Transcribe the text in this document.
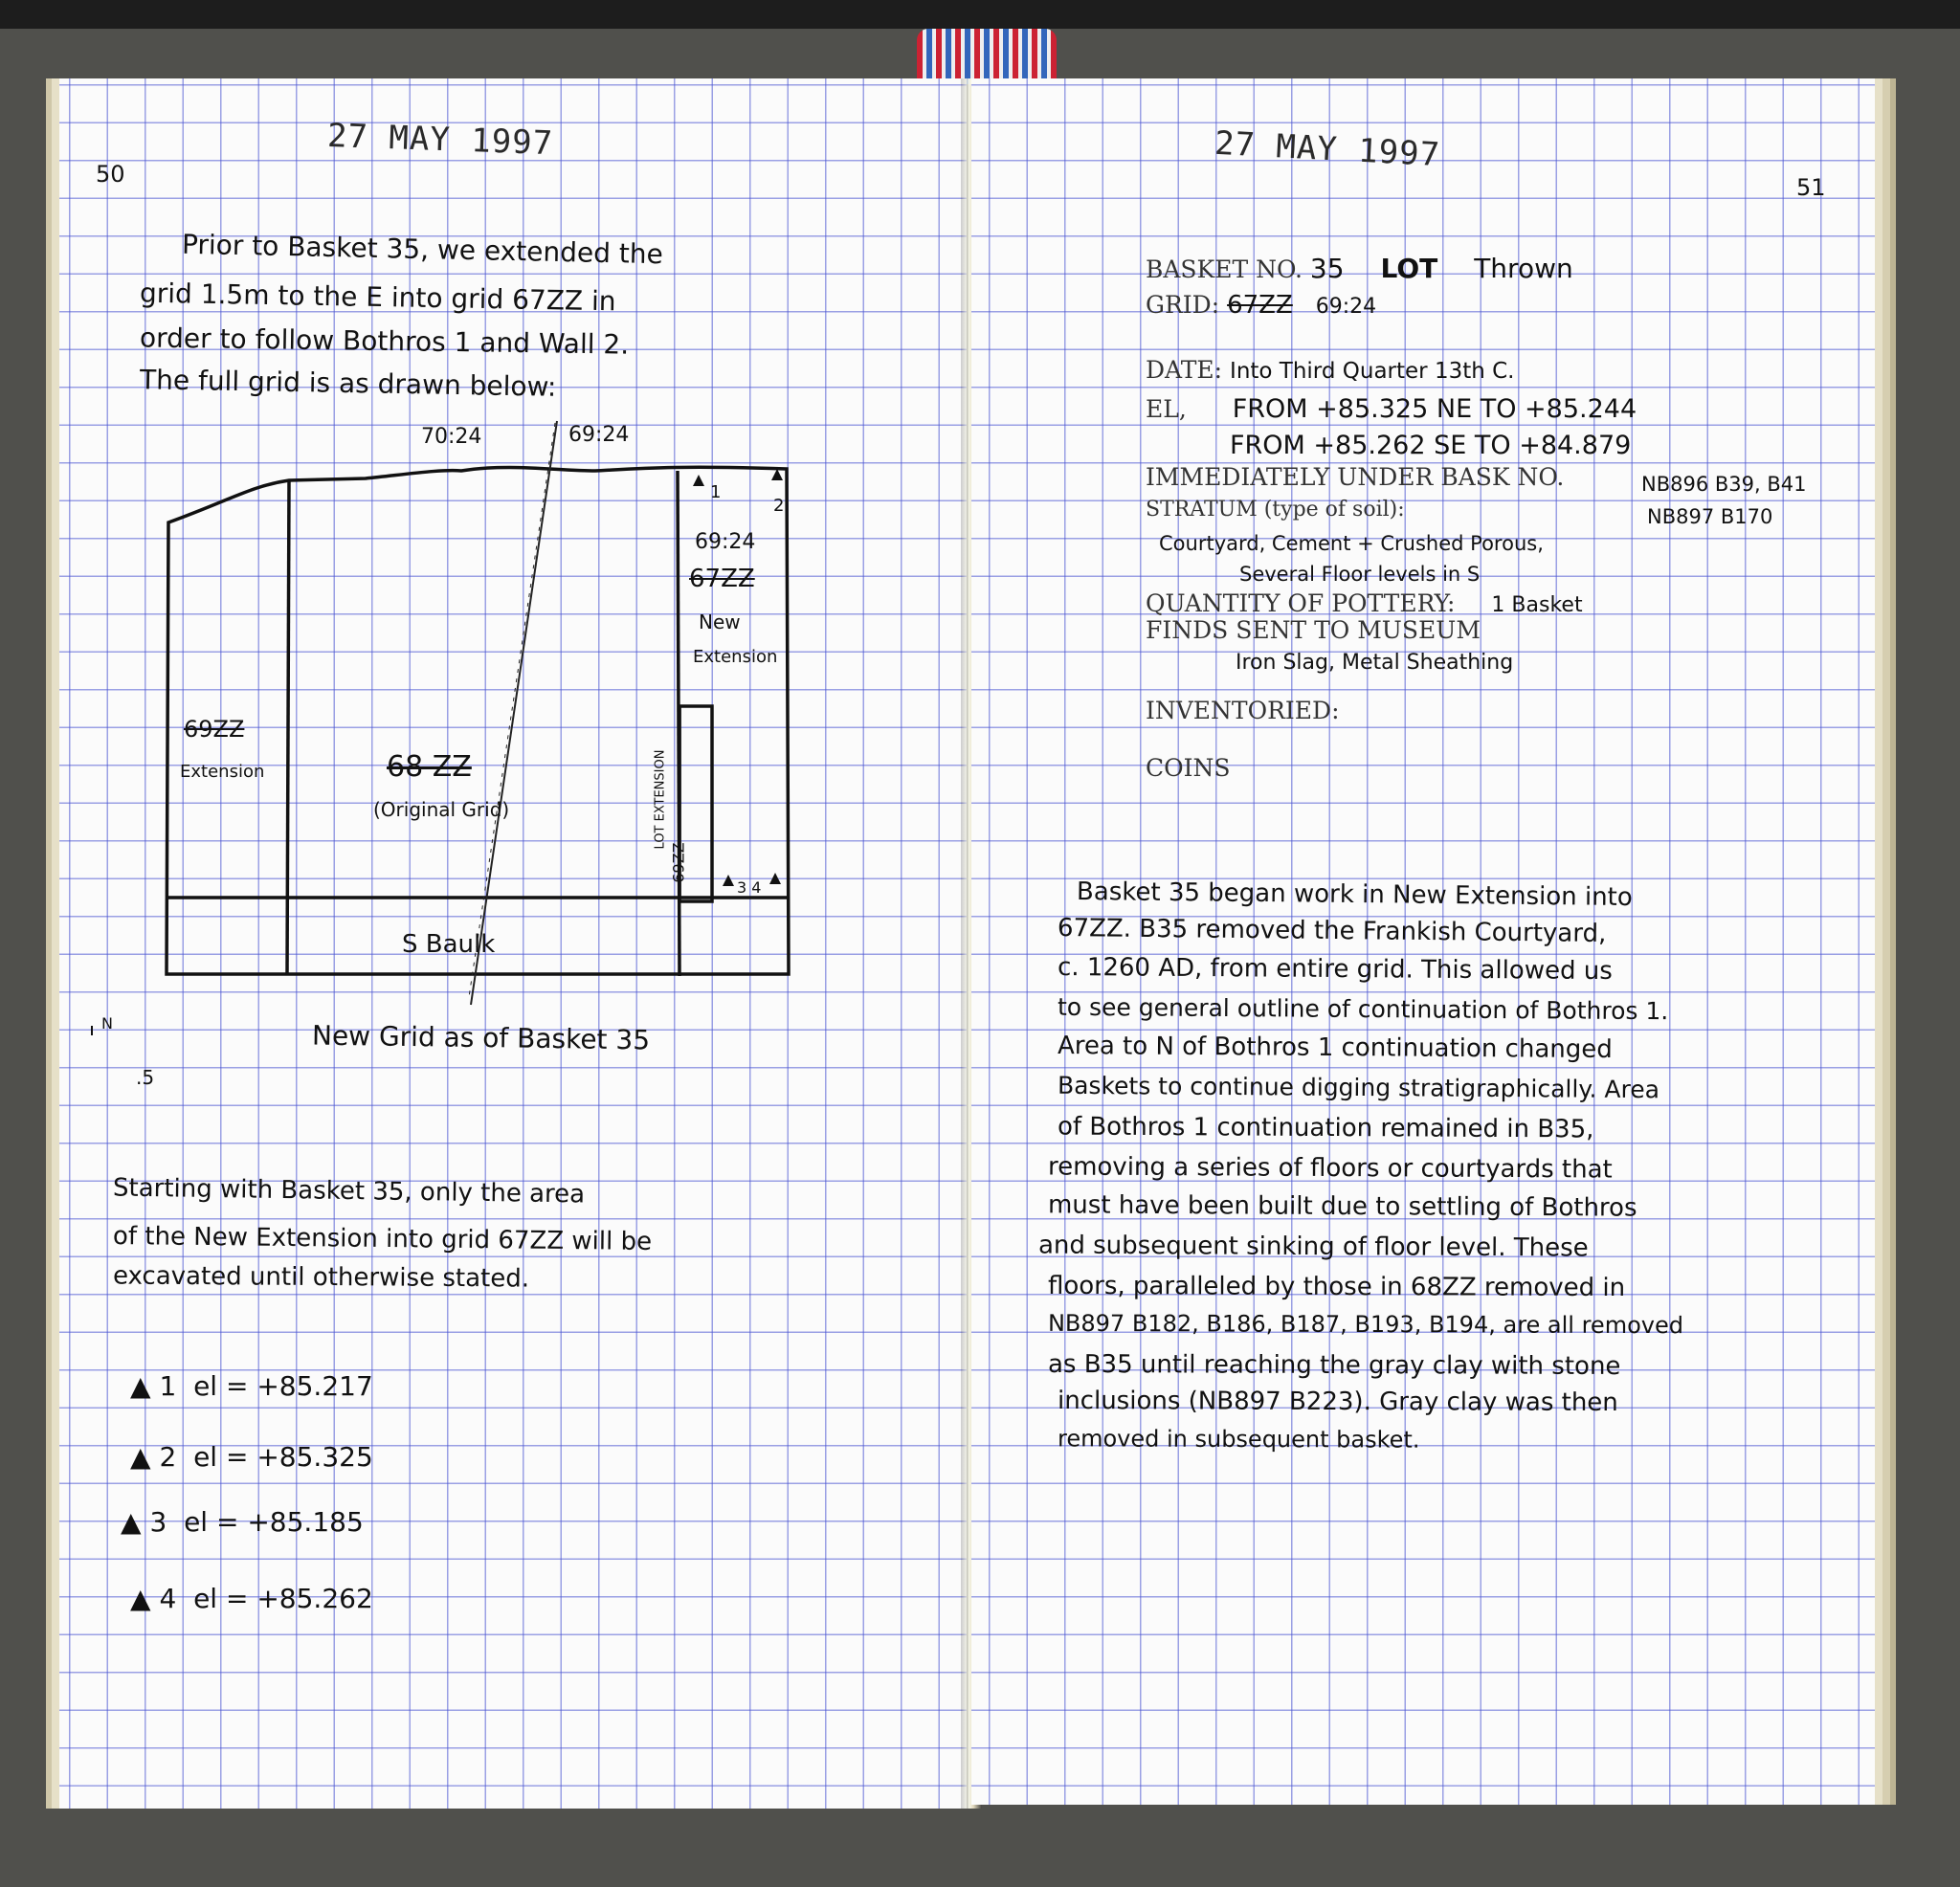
50
27 MAY 1997
Prior to Basket 35, we extended the
grid 1.5m to the E into grid 67ZZ in
order to follow Bothros 1 and Wall 2.
The full grid is as drawn below:
70:24	69:24
1
2
69:24
67ZZ
New
Extension
69ZZ
Extension	68 ZZ
(Original Grid)	LOT EXTENSION
69ZZ
3 4
S Baulk
N
.5
New Grid as of Basket 35
Starting with Basket 35, only the area
of the New Extension into grid 67ZZ will be
excavated until otherwise stated.
▲ 1 el = +85.217
▲ 2 el = +85.325
▲ 3 el = +85.185
▲ 4 el = +85.262
27 MAY 1997
51
BASKET NO. 35 LOT Thrown
GRID: 67ZZ 69:24
DATE: Into Third Quarter 13th C.
EL, FROM +85.325 NE TO +85.244
FROM +85.262 SE TO +84.879
IMMEDIATELY UNDER BASK NO.	NB896 B39, B41
NB897 B170
STRATUM (type of soil):
Courtyard, Cement + Crushed Porous,
Several Floor levels in S
QUANTITY OF POTTERY: 1 Basket
FINDS SENT TO MUSEUM
Iron Slag, Metal Sheathing
INVENTORIED:
COINS
Basket 35 began work in New Extension into
67ZZ. B35 removed the Frankish Courtyard,
c. 1260 AD, from entire grid. This allowed us
to see general outline of continuation of Bothros 1.
Area to N of Bothros 1 continuation changed
Baskets to continue digging stratigraphically. Area
of Bothros 1 continuation remained in B35,
removing a series of floors or courtyards that
must have been built due to settling of Bothros
and subsequent sinking of floor level. These
floors, paralleled by those in 68ZZ removed in
NB897 B182, B186, B187, B193, B194, are all removed
as B35 until reaching the gray clay with stone
inclusions (NB897 B223). Gray clay was then
removed in subsequent basket.
